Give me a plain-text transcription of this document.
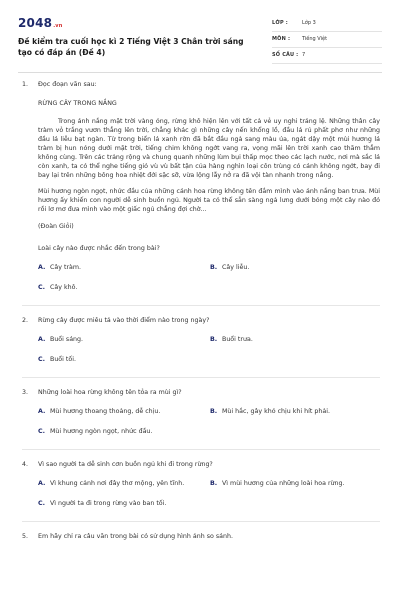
2048.vn
Đề kiểm tra cuối học kì 2 Tiếng Việt 3 Chân trời sáng tạo có đáp án (Đề 4)
LỚP :	Lớp 3
MÔN : Tiếng Việt
SỐ CÂU : 7
1. Đọc đoạn văn sau:
RỪNG CÂY TRONG NẮNG

Trong ánh nắng mặt trời vàng óng, rừng khô hiện lên với tất cả vẻ uy nghi tráng lệ. Những thân cây tràm vỏ trắng vươn thẳng lên trời, chẳng khác gì những cây nến khổng lồ, đầu lá rủ phất phơ như những đầu lá liễu bạt ngàn. Từ trong biển lá xanh rờn đã bắt đầu ngả sang màu úa, ngát dậy một mùi hương lá tràm bị hun nóng dưới mặt trời, tiếng chim không ngớt vang ra, vọng mãi lên trời xanh cao thăm thẳm không cùng. Trên các trảng rộng và chung quanh những lùm bụi thấp mọc theo các lạch nước, nơi mà sắc lá còn xanh, ta có thể nghe tiếng gió vù vù bất tận của hàng nghìn loại côn trùng có cánh không ngớt, bay đi bay lại trên những bông hoa nhiệt đới sặc sỡ, vừa lộng lẫy nở ra đã vội tàn nhanh trong nắng.

Mùi hương ngòn ngọt, nhức đầu của những cánh hoa rừng không tên đắm mình vào ánh nắng ban trưa. Mùi hương ấy khiến con người dễ sinh buồn ngủ. Người ta có thể sẵn sàng ngả lưng dưới bóng một cây nào đó rồi lơ mơ đưa mình vào một giấc ngủ chẳng đợi chờ...

(Đoàn Giỏi)
Loài cây nào được nhắc đến trong bài?
A. Cây tràm.	B. Cây liễu.
C. Cây khô.
2. Rừng cây được miêu tả vào thời điểm nào trong ngày?
A. Buổi sáng.	B. Buổi trưa.
C. Buổi tối.
3. Những loài hoa rừng không tên tỏa ra mùi gì?
A. Mùi hương thoang thoảng, dễ chịu.	B. Mùi hắc, gây khó chịu khi hít phải.
C. Mùi hương ngòn ngọt, nhức đầu.
4. Vì sao người ta dễ sinh cơn buồn ngủ khi đi trong rừng?
A. Vì khung cảnh nơi đây thơ mộng, yên tĩnh.	B. Vì mùi hương của những loài hoa rừng.
C. Vì người ta đi trong rừng vào ban tối.
5. Em hãy chỉ ra câu văn trong bài có sử dụng hình ảnh so sánh.
